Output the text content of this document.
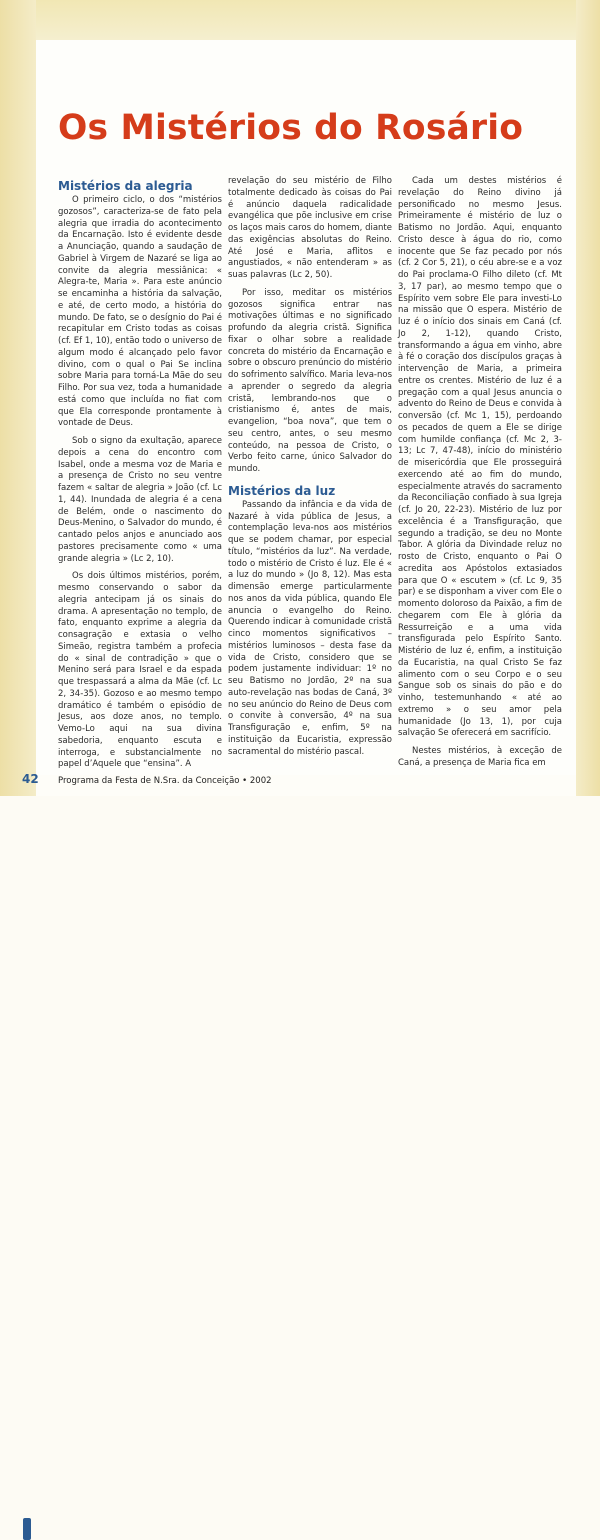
Os Mistérios do Rosário
Mistérios da alegria

O primeiro ciclo, o dos “mistérios gozosos”, caracteriza-se de fato pela alegria que irradia do acontecimento da Encarnação. Isto é evidente desde a Anunciação, quando a saudação de Gabriel à Virgem de Nazaré se liga ao convite da alegria messiânica: « Alegra-te, Maria ». Para este anúncio se encaminha a história da salvação, e até, de certo modo, a história do mundo. De fato, se o desígnio do Pai é recapitular em Cristo todas as coisas (cf. Ef 1, 10), então todo o universo de algum modo é alcançado pelo favor divino, com o qual o Pai Se inclina sobre Maria para torná-La Mãe do seu Filho. Por sua vez, toda a humanidade está como que incluída no fiat com que Ela corresponde prontamente à vontade de Deus.

Sob o signo da exultação, aparece depois a cena do encontro com Isabel, onde a mesma voz de Maria e a presença de Cristo no seu ventre fazem « saltar de alegria » João (cf. Lc 1, 44). Inundada de alegria é a cena de Belém, onde o nascimento do Deus-Menino, o Salvador do mundo, é cantado pelos anjos e anunciado aos pastores precisamente como « uma grande alegria » (Lc 2, 10).

Os dois últimos mistérios, porém, mesmo conservando o sabor da alegria antecipam já os sinais do drama. A apresentação no templo, de fato, enquanto exprime a alegria da consagração e extasia o velho Simeão, registra também a profecia do « sinal de contradição » que o Menino será para Israel e da espada que trespassará a alma da Mãe (cf. Lc 2, 34-35). Gozoso e ao mesmo tempo dramático é também o episódio de Jesus, aos doze anos, no templo. Vemo-Lo aqui na sua divina sabedoria, enquanto escuta e interroga, e substancialmente no papel d’Aquele que “ensina”. A

revelação do seu mistério de Filho totalmente dedicado às coisas do Pai é anúncio daquela radicalidade evangélica que põe inclusive em crise os laços mais caros do homem, diante das exigências absolutas do Reino. Até José e Maria, aflitos e angustiados, « não entenderam » as suas palavras (Lc 2, 50).

Por isso, meditar os mistérios gozosos significa entrar nas motivações últimas e no significado profundo da alegria cristã. Significa fixar o olhar sobre a realidade concreta do mistério da Encarnação e sobre o obscuro prenúncio do mistério do sofrimento salvífico. Maria leva-nos a aprender o segredo da alegria cristã, lembrando-nos que o cristianismo é, antes de mais, evangelion, “boa nova”, que tem o seu centro, antes, o seu mesmo conteúdo, na pessoa de Cristo, o Verbo feito carne, único Salvador do mundo.

Mistérios da luz

Passando da infância e da vida de Nazaré à vida pública de Jesus, a contemplação leva-nos aos mistérios que se podem chamar, por especial título, “mistérios da luz”. Na verdade, todo o mistério de Cristo é luz. Ele é « a luz do mundo » (Jo 8, 12). Mas esta dimensão emerge particularmente nos anos da vida pública, quando Ele anuncia o evangelho do Reino. Querendo indicar à comunidade cristã cinco momentos significativos – mistérios luminosos – desta fase da vida de Cristo, considero que se podem justamente individuar: 1º no seu Batismo no Jordão, 2º na sua auto-revelação nas bodas de Caná, 3º no seu anúncio do Reino de Deus com o convite à conversão, 4º na sua Transfiguração e, enfim, 5º na instituição da Eucaristia, expressão sacramental do mistério pascal.

Cada um destes mistérios é revelação do Reino divino já personificado no mesmo Jesus. Primeiramente é mistério de luz o Batismo no Jordão. Aqui, enquanto Cristo desce à água do rio, como inocente que Se faz pecado por nós (cf. 2 Cor 5, 21), o céu abre-se e a voz do Pai proclama-O Filho dileto (cf. Mt 3, 17 par), ao mesmo tempo que o Espírito vem sobre Ele para investi-Lo na missão que O espera. Mistério de luz é o início dos sinais em Caná (cf. Jo 2, 1-12), quando Cristo, transformando a água em vinho, abre à fé o coração dos discípulos graças à intervenção de Maria, a primeira entre os crentes. Mistério de luz é a pregação com a qual Jesus anuncia o advento do Reino de Deus e convida à conversão (cf. Mc 1, 15), perdoando os pecados de quem a Ele se dirige com humilde confiança (cf. Mc 2, 3-13; Lc 7, 47-48), início do ministério de misericórdia que Ele prosseguirá exercendo até ao fim do mundo, especialmente através do sacramento da Reconciliação confiado à sua Igreja (cf. Jo 20, 22-23). Mistério de luz por excelência é a Transfiguração, que segundo a tradição, se deu no Monte Tabor. A glória da Divindade reluz no rosto de Cristo, enquanto o Pai O acredita aos Apóstolos extasiados para que O « escutem » (cf. Lc 9, 35 par) e se disponham a viver com Ele o momento doloroso da Paixão, a fim de chegarem com Ele à glória da Ressurreição e a uma vida transfigurada pelo Espírito Santo. Mistério de luz é, enfim, a instituição da Eucaristia, na qual Cristo Se faz alimento com o seu Corpo e o seu Sangue sob os sinais do pão e do vinho, testemunhando « até ao extremo » o seu amor pela humanidade (Jo 13, 1), por cuja salvação Se oferecerá em sacrifício.

Nestes mistérios, à exceção de Caná, a presença de Maria fica em

42 Programa da Festa de N.Sra. da Conceição • 2002
